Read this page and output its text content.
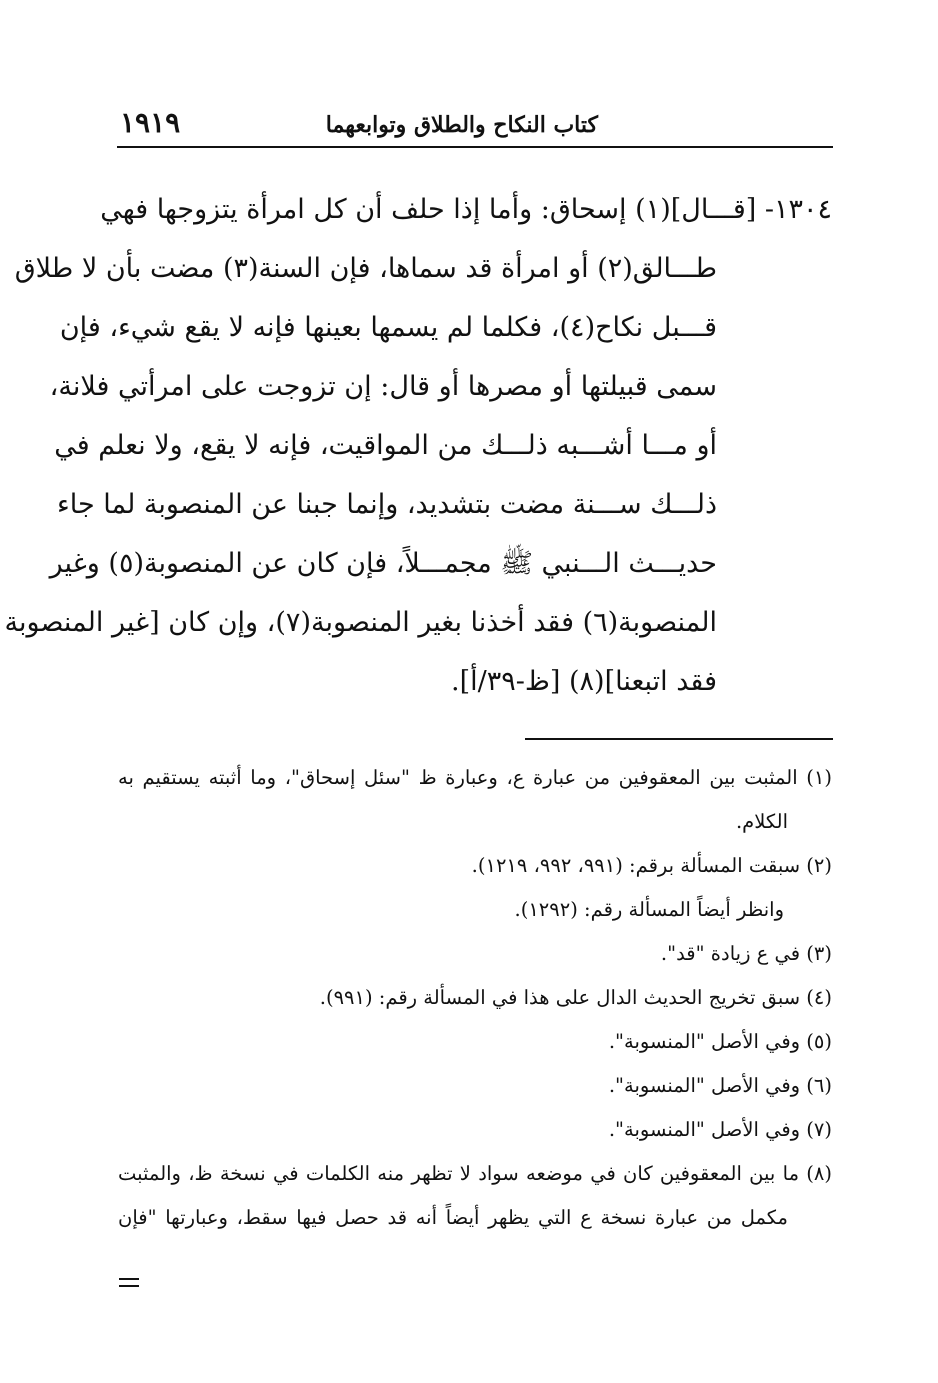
كتاب النكاح والطلاق وتوابعهما
١٩١٩
١٣٠٤- [قـــال](١) إسحاق: وأما إذا حلف أن كل امرأة يتزوجها فهي
طـــالق(٢) أو امرأة قد سماها، فإن السنة(٣) مضت بأن لا طلاق
قـــبل نكاح(٤)، فكلما لم يسمها بعينها فإنه لا يقع شيء، فإن
سمى قبيلتها أو مصرها أو قال: إن تزوجت على امرأتي فلانة،
أو مـــا أشـــبه ذلـــك من المواقيت، فإنه لا يقع، ولا نعلم في
ذلـــك ســـنة مضت بتشديد، وإنما جبنا عن المنصوبة لما جاء
حديـــث الـــنبي ﷺ مجمـــلاً، فإن كان عن المنصوبة(٥) وغير
المنصوبة(٦) فقد أخذنا بغير المنصوبة(٧)، وإن كان [غير المنصوبة
فقد اتبعنا](٨) [ظ-٣٩/أ].
(١) المثبت بين المعقوفين من عبارة ع، وعبارة ظ "سئل إسحاق"، وما أثبته يستقيم به
الكلام.
(٢) سبقت المسألة برقم: (٩٩١، ٩٩٢، ١٢١٩).
وانظر أيضاً المسألة رقم: (١٢٩٢).
(٣) في ع زيادة "قد".
(٤) سبق تخريج الحديث الدال على هذا في المسألة رقم: (٩٩١).
(٥) وفي الأصل "المنسوبة".
(٦) وفي الأصل "المنسوبة".
(٧) وفي الأصل "المنسوبة".
(٨) ما بين المعقوفين كان في موضعه سواد لا تظهر منه الكلمات في نسخة ظ، والمثبت
مكمل من عبارة نسخة ع التي يظهر أيضاً أنه قد حصل فيها سقط، وعبارتها "فإن
